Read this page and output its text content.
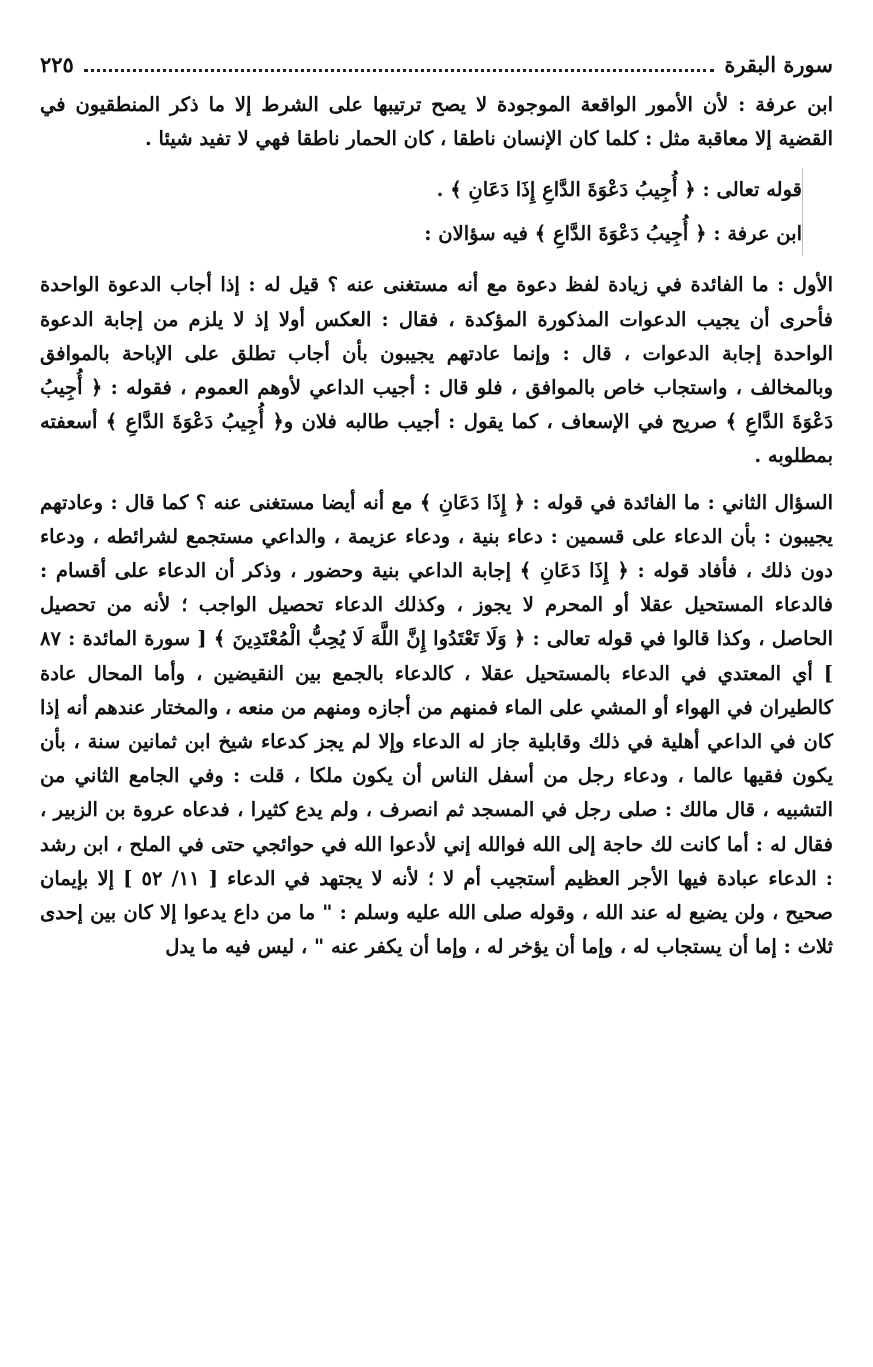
سورة البقرة
٢٢٥

ابن عرفة : لأن الأمور الواقعة الموجودة لا يصح ترتيبها على الشرط إلا ما ذكر المنطقيون في القضية إلا معاقبة مثل : كلما كان الإنسان ناطقا ، كان الحمار ناطقا فهي لا تفيد شيئا .

قوله تعالى : ﴿ أُجِيبُ دَعْوَةَ الدَّاعِ إِذَا دَعَانِ ﴾ .
ابن عرفة : ﴿ أُجِيبُ دَعْوَةَ الدَّاعِ ﴾ فيه سؤالان :

الأول : ما الفائدة في زيادة لفظ دعوة مع أنه مستغنى عنه ؟ قيل له : إذا أجاب الدعوة الواحدة فأحرى أن يجيب الدعوات المذكورة المؤكدة ، فقال : العكس أولا إذ لا يلزم من إجابة الدعوة الواحدة إجابة الدعوات ، قال : وإنما عادتهم يجيبون بأن أجاب تطلق على الإباحة بالموافق وبالمخالف ، واستجاب خاص بالموافق ، فلو قال : أجيب الداعي لأوهم العموم ، فقوله : ﴿ أُجِيبُ دَعْوَةَ الدَّاعِ ﴾ صريح في الإسعاف ، كما يقول : أجيب طالبه فلان و﴿ أُجِيبُ دَعْوَةَ الدَّاعِ ﴾ أسعفته بمطلوبه .

السؤال الثاني : ما الفائدة في قوله : ﴿ إِذَا دَعَانِ ﴾ مع أنه أيضا مستغنى عنه ؟ كما قال : وعادتهم يجيبون : بأن الدعاء على قسمين : دعاء بنية ، ودعاء عزيمة ، والداعي مستجمع لشرائطه ، ودعاء دون ذلك ، فأفاد قوله : ﴿ إِذَا دَعَانِ ﴾ إجابة الداعي بنية وحضور ، وذكر أن الدعاء على أقسام : فالدعاء المستحيل عقلا أو المحرم لا يجوز ، وكذلك الدعاء تحصيل الواجب ؛ لأنه من تحصيل الحاصل ، وكذا قالوا في قوله تعالى : ﴿ وَلَا تَعْتَدُوا إِنَّ اللَّهَ لَا يُحِبُّ الْمُعْتَدِينَ ﴾ [ سورة المائدة : ٨٧ ] أي المعتدي في الدعاء بالمستحيل عقلا ، كالدعاء بالجمع بين النقيضين ، وأما المحال عادة كالطيران في الهواء أو المشي على الماء فمنهم من أجازه ومنهم من منعه ، والمختار عندهم أنه إذا كان في الداعي أهلية في ذلك وقابلية جاز له الدعاء وإلا لم يجز كدعاء شيخ ابن ثمانين سنة ، بأن يكون فقيها عالما ، ودعاء رجل من أسفل الناس أن يكون ملكا ، قلت : وفي الجامع الثاني من التشبيه ، قال مالك : صلى رجل في المسجد ثم انصرف ، ولم يدع كثيرا ، فدعاه عروة بن الزبير ، فقال له : أما كانت لك حاجة إلى الله فوالله إني لأدعوا الله في حوائجي حتى في الملح ، ابن رشد : الدعاء عبادة فيها الأجر العظيم أستجيب أم لا ؛ لأنه لا يجتهد في الدعاء [ ١١/ ٥٢ ] إلا بإيمان صحيح ، ولن يضيع له عند الله ، وقوله صلى الله عليه وسلم : " ما من داع يدعوا إلا كان بين إحدى ثلاث : إما أن يستجاب له ، وإما أن يؤخر له ، وإما أن يكفر عنه " ، ليس فيه ما يدل
